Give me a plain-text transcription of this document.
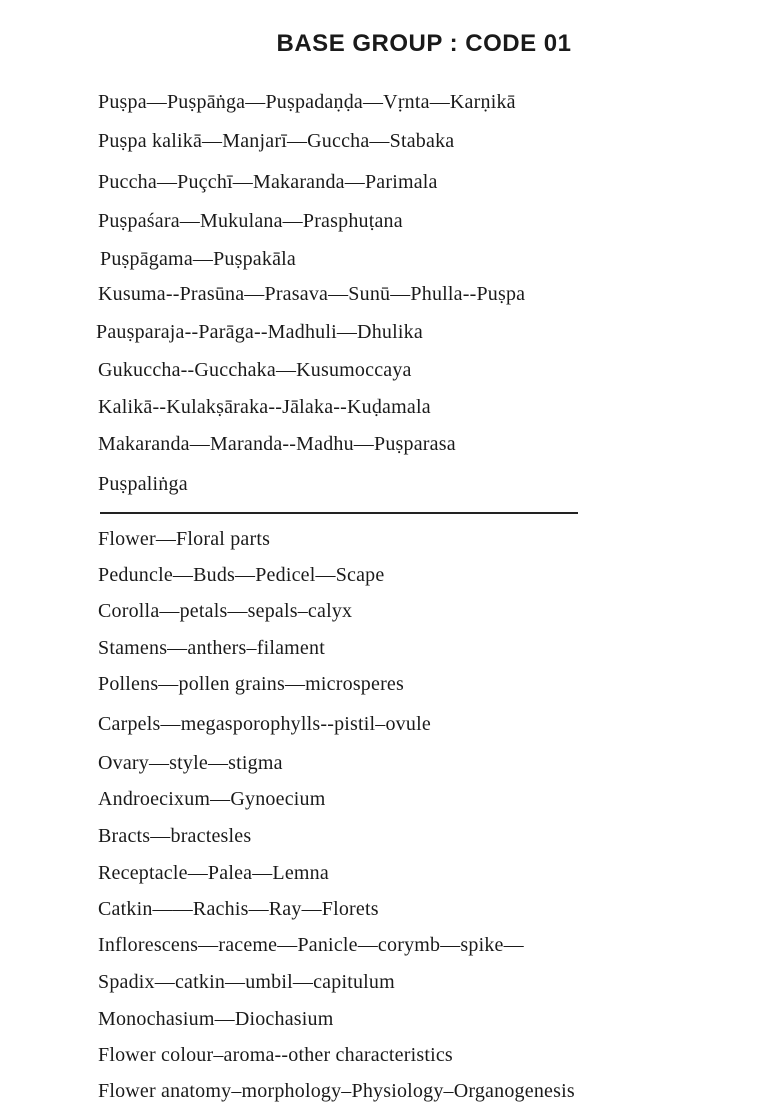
BASE GROUP : CODE 01
Puṣpa—Puṣpāṅga—Puṣpadaṇḍa—Vṛnta—Karṇikā
Puṣpa kalikā—Manjarī—Guccha—Stabaka
Puccha—Puçchī—Makaranda—Parimala
Puṣpaśara—Mukulana—Prasphuṭana
Puṣpāgama—Puṣpakāla
Kusuma--Prasūna—Prasava—Sunū—Phulla--Puṣpa
Pauṣparaja--Parāga--Madhuli—Dhulika
Gukuccha--Gucchaka—Kusumoccaya
Kalikā--Kulakṣāraka--Jālaka--Kuḍamala
Makaranda—Maranda--Madhu—Puṣparasa
Puṣpaliṅga
Flower—Floral parts
Peduncle—Buds—Pedicel—Scape
Corolla—petals—sepals–calyx
Stamens—anthers–filament
Pollens—pollen grains—microsperes
Carpels—megasporophylls--pistil–ovule
Ovary—style—stigma
Androecixum—Gynoecium
Bracts—bractesles
Receptacle—Palea—Lemna
Catkin——Rachis—Ray—Florets
Inflorescens—raceme—Panicle—corymb—spike—
Spadix—catkin—umbil—capitulum
Monochasium—Diochasium
Flower colour–aroma--other characteristics
Flower anatomy–morphology–Physiology–Organogenesis
